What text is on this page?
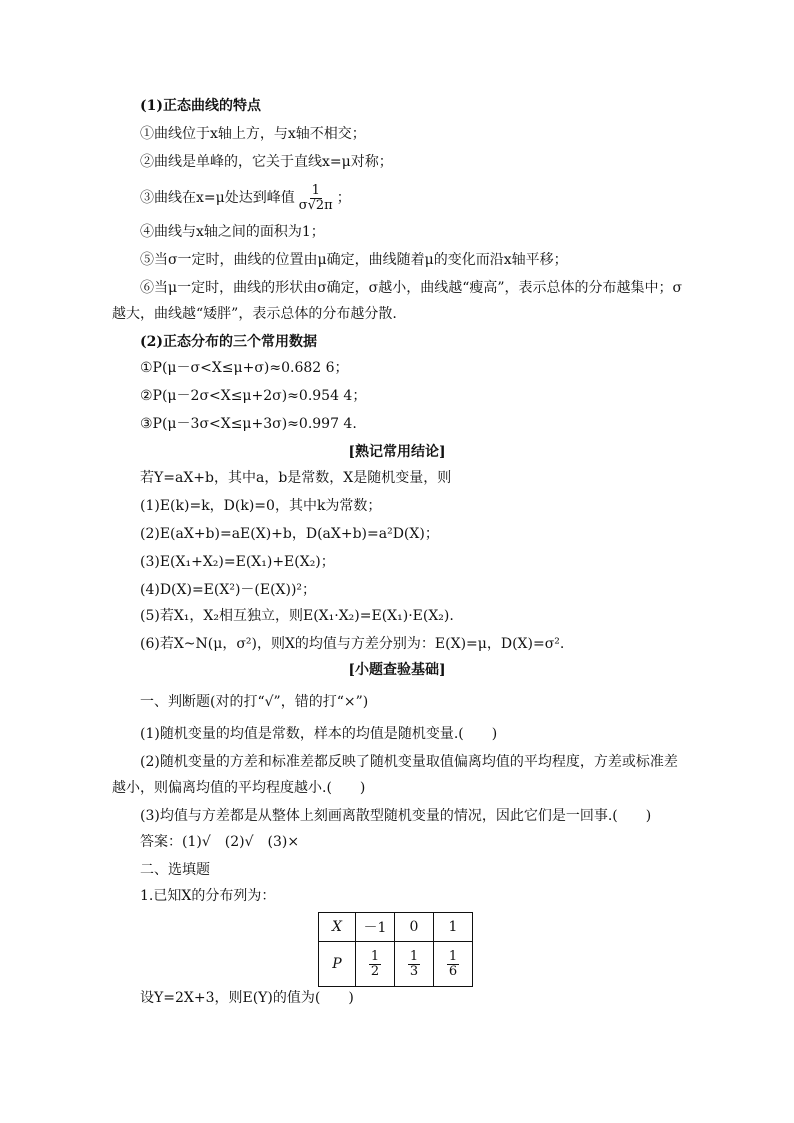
(1)正态曲线的特点
①曲线位于x轴上方，与x轴不相交；
②曲线是单峰的，它关于直线x=μ对称；
③曲线在x=μ处达到峰值 $\frac{1}{\sigma√2\pi}$ ；
④曲线与x轴之间的面积为1；
⑤当σ一定时，曲线的位置由μ确定，曲线随着μ的变化而沿x轴平移；
⑥当μ一定时，曲线的形状由σ确定，σ越小，曲线越“瘦高”，表示总体的分布越集中；σ
越大，曲线越“矮胖”，表示总体的分布越分散.
(2)正态分布的三个常用数据
①P(μ－σ<X≤μ+σ)≈0.682 6；
②P(μ－2σ<X≤μ+2σ)≈0.954 4；
③P(μ－3σ<X≤μ+3σ)≈0.997 4.
[熟记常用结论]
若Y=aX+b，其中a，b是常数，X是随机变量，则
(1)E(k)=k，D(k)=0，其中k为常数；
(2)E(aX+b)=aE(X)+b，D(aX+b)=a²D(X)；
(3)E(X₁+X₂)=E(X₁)+E(X₂)；
(4)D(X)=E(X²)－(E(X))²；
(5)若X₁，X₂相互独立，则E(X₁·X₂)=E(X₁)·E(X₂).
(6)若X~N(μ，σ²)，则X的均值与方差分别为：E(X)=μ，D(X)=σ².
[小题查验基础]
一、判断题(对的打“√”，错的打“×”)
(1)随机变量的均值是常数，样本的均值是随机变量.(　　)
(2)随机变量的方差和标准差都反映了随机变量取值偏离均值的平均程度，方差或标准差
越小，则偏离均值的平均程度越小.(　　)
(3)均值与方差都是从整体上刻画离散型随机变量的情况，因此它们是一回事.(　　)
答案：(1)√　(2)√　(3)×
二、选填题
1.已知X的分布列为：
X	－1	0	1
P	$\frac{1}{2}$	$\frac{1}{3}$	$\frac{1}{6}$
设Y=2X+3，则E(Y)的值为(　　)
